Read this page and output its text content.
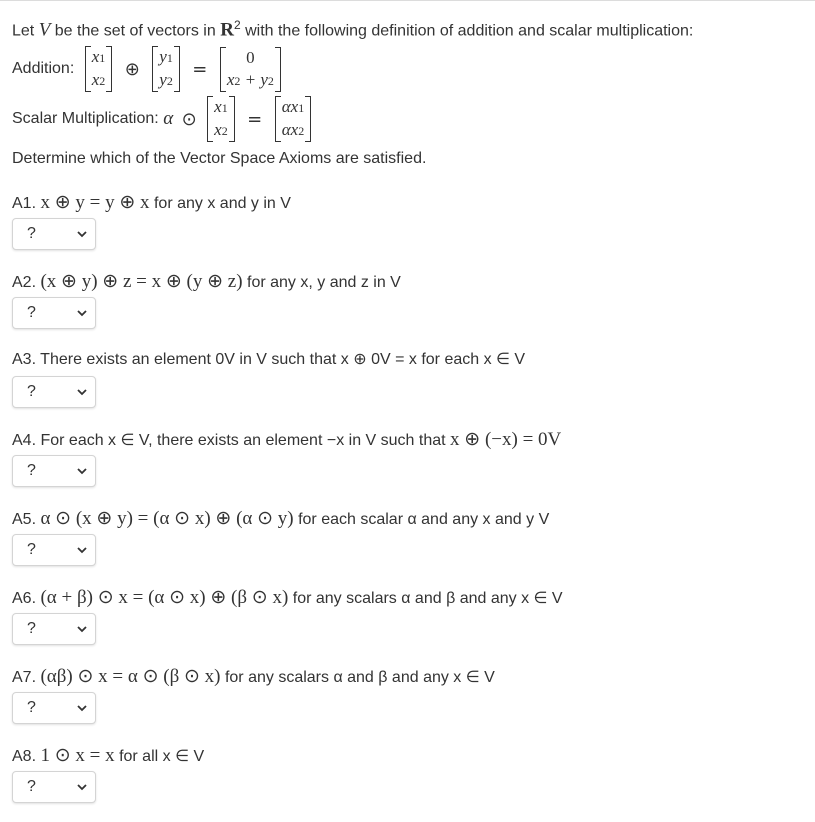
Let V be the set of vectors in $R^2$ with the following definition of addition and scalar multiplication:
Addition:
x1
x2
⊕
y1
y2
=
0
x2 + y2
Scalar Multiplication: α ⊙
x1
x2
=
αx1
αx2
Determine which of the Vector Space Axioms are satisfied.
A1. x ⊕ y = y ⊕ x for any x and y in V
?
A2. (x ⊕ y) ⊕ z = x ⊕ (y ⊕ z) for any x, y and z in V
?
A3. There exists an element 0V in V such that x ⊕ 0V = x for each x ∈ V
?
A4. For each x ∈ V, there exists an element −x in V such that x ⊕ (−x) = 0V
?
A5. α ⊙ (x ⊕ y) = (α ⊙ x) ⊕ (α ⊙ y) for each scalar α and any x and y V
?
A6. (α + β) ⊙ x = (α ⊙ x) ⊕ (β ⊙ x) for any scalars α and β and any x ∈ V
?
A7. (αβ) ⊙ x = α ⊙ (β ⊙ x) for any scalars α and β and any x ∈ V
?
A8. 1 ⊙ x = x for all x ∈ V
?
